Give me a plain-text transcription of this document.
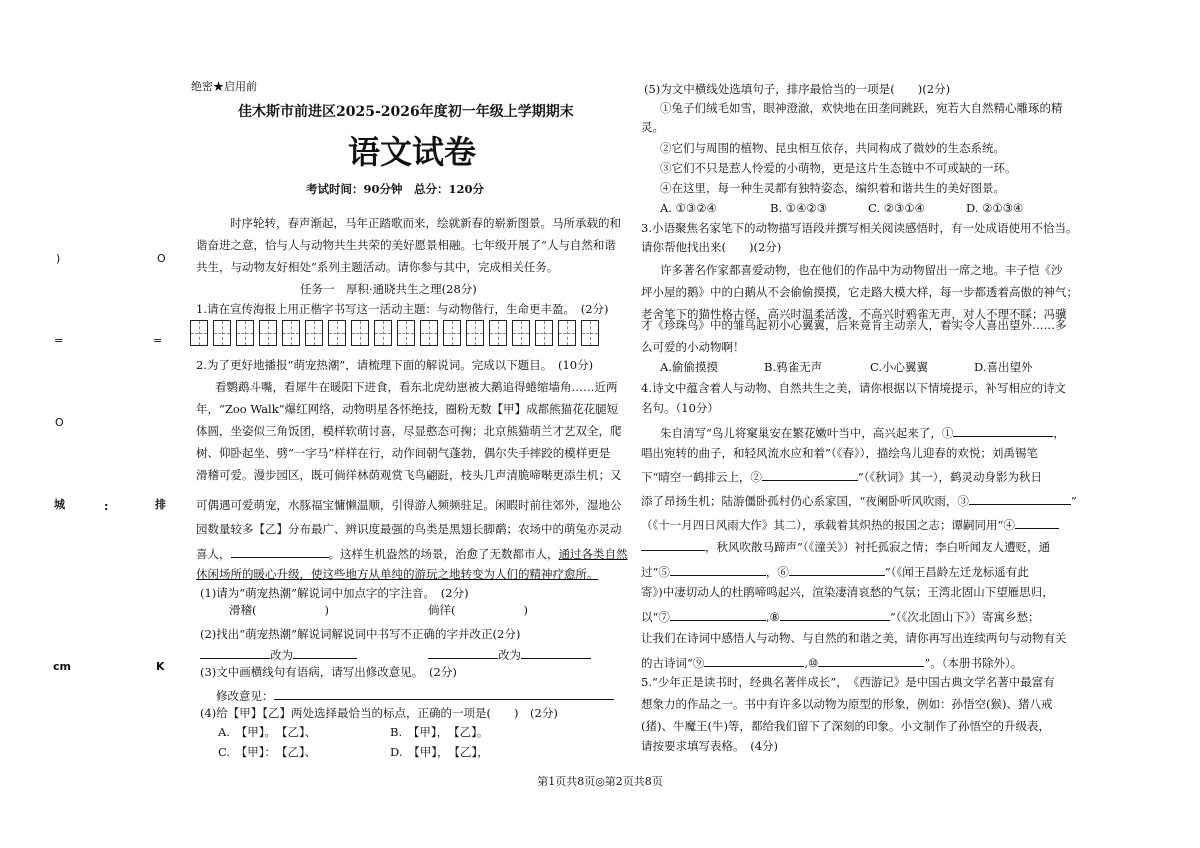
)	O
=	=
O
城	:	排
cm	K
绝密★启用前
佳木斯市前进区2025-2026年度初一年级上学期期末
语文试卷
考试时间：90分钟　总分：120分
时序轮转，春声渐起，马年正踏歌而来，绘就新春的崭新图景。马所承载的和
谐奋进之意，恰与人与动物共生共荣的美好愿景相融。七年级开展了“人与自然和谐
共生，与动物友好相处”系列主题活动。请你参与其中，完成相关任务。
任务一　厚积·通晓共生之理(28分)
1.请在宣传海报上用正楷字书写这一活动主题：与动物偕行，生命更丰盈。　(2分)
2.为了更好地播报“萌宠热潮”，请梳理下面的解说词。完成以下题目。　(10分)
看鹦鹉斗嘴，看犀牛在暖阳下进食，看东北虎幼崽被大鹅追得蜷缩墙角……近两
年，“Zoo Walk”爆红网络，动物明星各怀绝技，圈粉无数【甲】成都熊猫花花腿短
体圆，坐姿似三角饭团，模样软萌讨喜，尽显憨态可掬；北京熊猫萌兰才艺双全，爬
树、仰卧起坐、劈“一字马”样样在行，动作间朝气蓬勃，偶尔失手摔跤的模样更是
滑稽可爱。漫步园区，既可倘徉林荫观赏飞鸟翩跹，枝头几声清脆啼啭更添生机；又
可偶遇可爱萌宠，水豚福宝慵懒温顺，引得游人频频驻足。闲暇时前往郊外，湿地公
园数量较多【乙】分布最广、辨识度最强的鸟类是黑翅长脚鹬；农场中的萌兔亦灵动
喜人，	。这样生机盎然的场景，治愈了无数都市人，通过各类自然
休闲场所的暖心升级，使这些地方从单纯的游玩之地转变为人们的精神疗愈所。
(1)请为“萌宠热潮”解说词中加点字的字注音。　(2分)
滑稽(	)	倘徉(	)
(2)找出“萌宠热潮”解说词解说词中书写不正确的字并改正(2分)
改为	改为
(3)文中画横线句有语病，请写出修改意见。　(2分)
修改意见：
(4)给【甲】【乙】两处选择最恰当的标点，正确的一项是(　　)　(2分)
A.　【甲】。　【乙】、	B.　【甲】，　【乙】。
C.　【甲】：　【乙】、	D.　【甲】，　【乙】，
(5)为文中横线处选填句子，排序最恰当的一项是(　　)(2分)
①兔子们绒毛如雪，眼神澄澈，欢快地在田垄间跳跃，宛若大自然精心雕琢的精
灵。
②它们与周围的植物、昆虫相互依存，共同构成了微妙的生态系统。
③它们不只是惹人怜爱的小萌物，更是这片生态链中不可或缺的一环。
④在这里，每一种生灵都有独特姿态，编织着和谐共生的美好图景。
A. ①③②④	B. ①④②③	C. ②③①④	D. ②①③④
3.小语聚焦名家笔下的动物描写语段并撰写相关阅读感悟时，有一处成语使用不恰当。
请你帮他找出来(　　)(2分)
许多著名作家都喜爱动物，也在他们的作品中为动物留出一席之地。丰子恺《沙
坪小屋的鹅》中的白鹅从不会偷偷摸摸，它走路大模大样，每一步都透着高傲的神气；
老舍笔下的猫性格古怪，高兴时温柔活泼，不高兴时鸦雀无声，对人不理不睬；冯骥
才《珍珠鸟》中的雏鸟起初小心翼翼，后来竟肯主动亲人，着实令人喜出望外……多
么可爱的小动物啊！
A.偷偷摸摸	B.鸦雀无声	C.小心翼翼	D.喜出望外
4.诗文中蕴含着人与动物、自然共生之美，请你根据以下情境提示，补写相应的诗文
名句。（10分）
朱自清写“鸟儿将窠巢安在繁花嫩叶当中，高兴起来了，①	，
唱出宛转的曲子，和轻风流水应和着”（《春》），描绘鸟儿迎春的欢悦；刘禹锡笔
下“晴空一鹤排云上，②	”（《秋词》其一），鹤灵动身影为秋日
添了昂扬生机；陆游僵卧孤村仍心系家国，“夜阑卧听风吹雨，③	”
（《十一月四日风雨大作》其二），承载着其炽热的报国之志；谭嗣同用“④
，秋风吹散马蹄声”（《潼关》）衬托孤寂之情；李白听闻友人遭贬，通
过“⑤	，⑥	”（《闻王昌龄左迁龙标遥有此
寄》)中凄切动人的杜鹃啼鸣起兴，渲染凄清哀愁的气氛；王湾北固山下望雁思归，
以“⑦	,⑧	”（《次北固山下》）寄寓乡愁；
让我们在诗词中感悟人与动物、与自然的和谐之美，请你再写出连续两句与动物有关
的古诗词“⑨	,⑩	”。（本册书除外）。
5.“少年正是读书时，经典名著伴成长”，　《西游记》是中国古典文学名著中最富有
想象力的作品之一。书中有许多以动物为原型的形象，例如：孙悟空(猴)、猪八戒
(猪)、牛魔王(牛)等，都给我们留下了深刻的印象。小文制作了孙悟空的升级表，
请按要求填写表格。　(4分)
第1页共8页◎第2页共8页
